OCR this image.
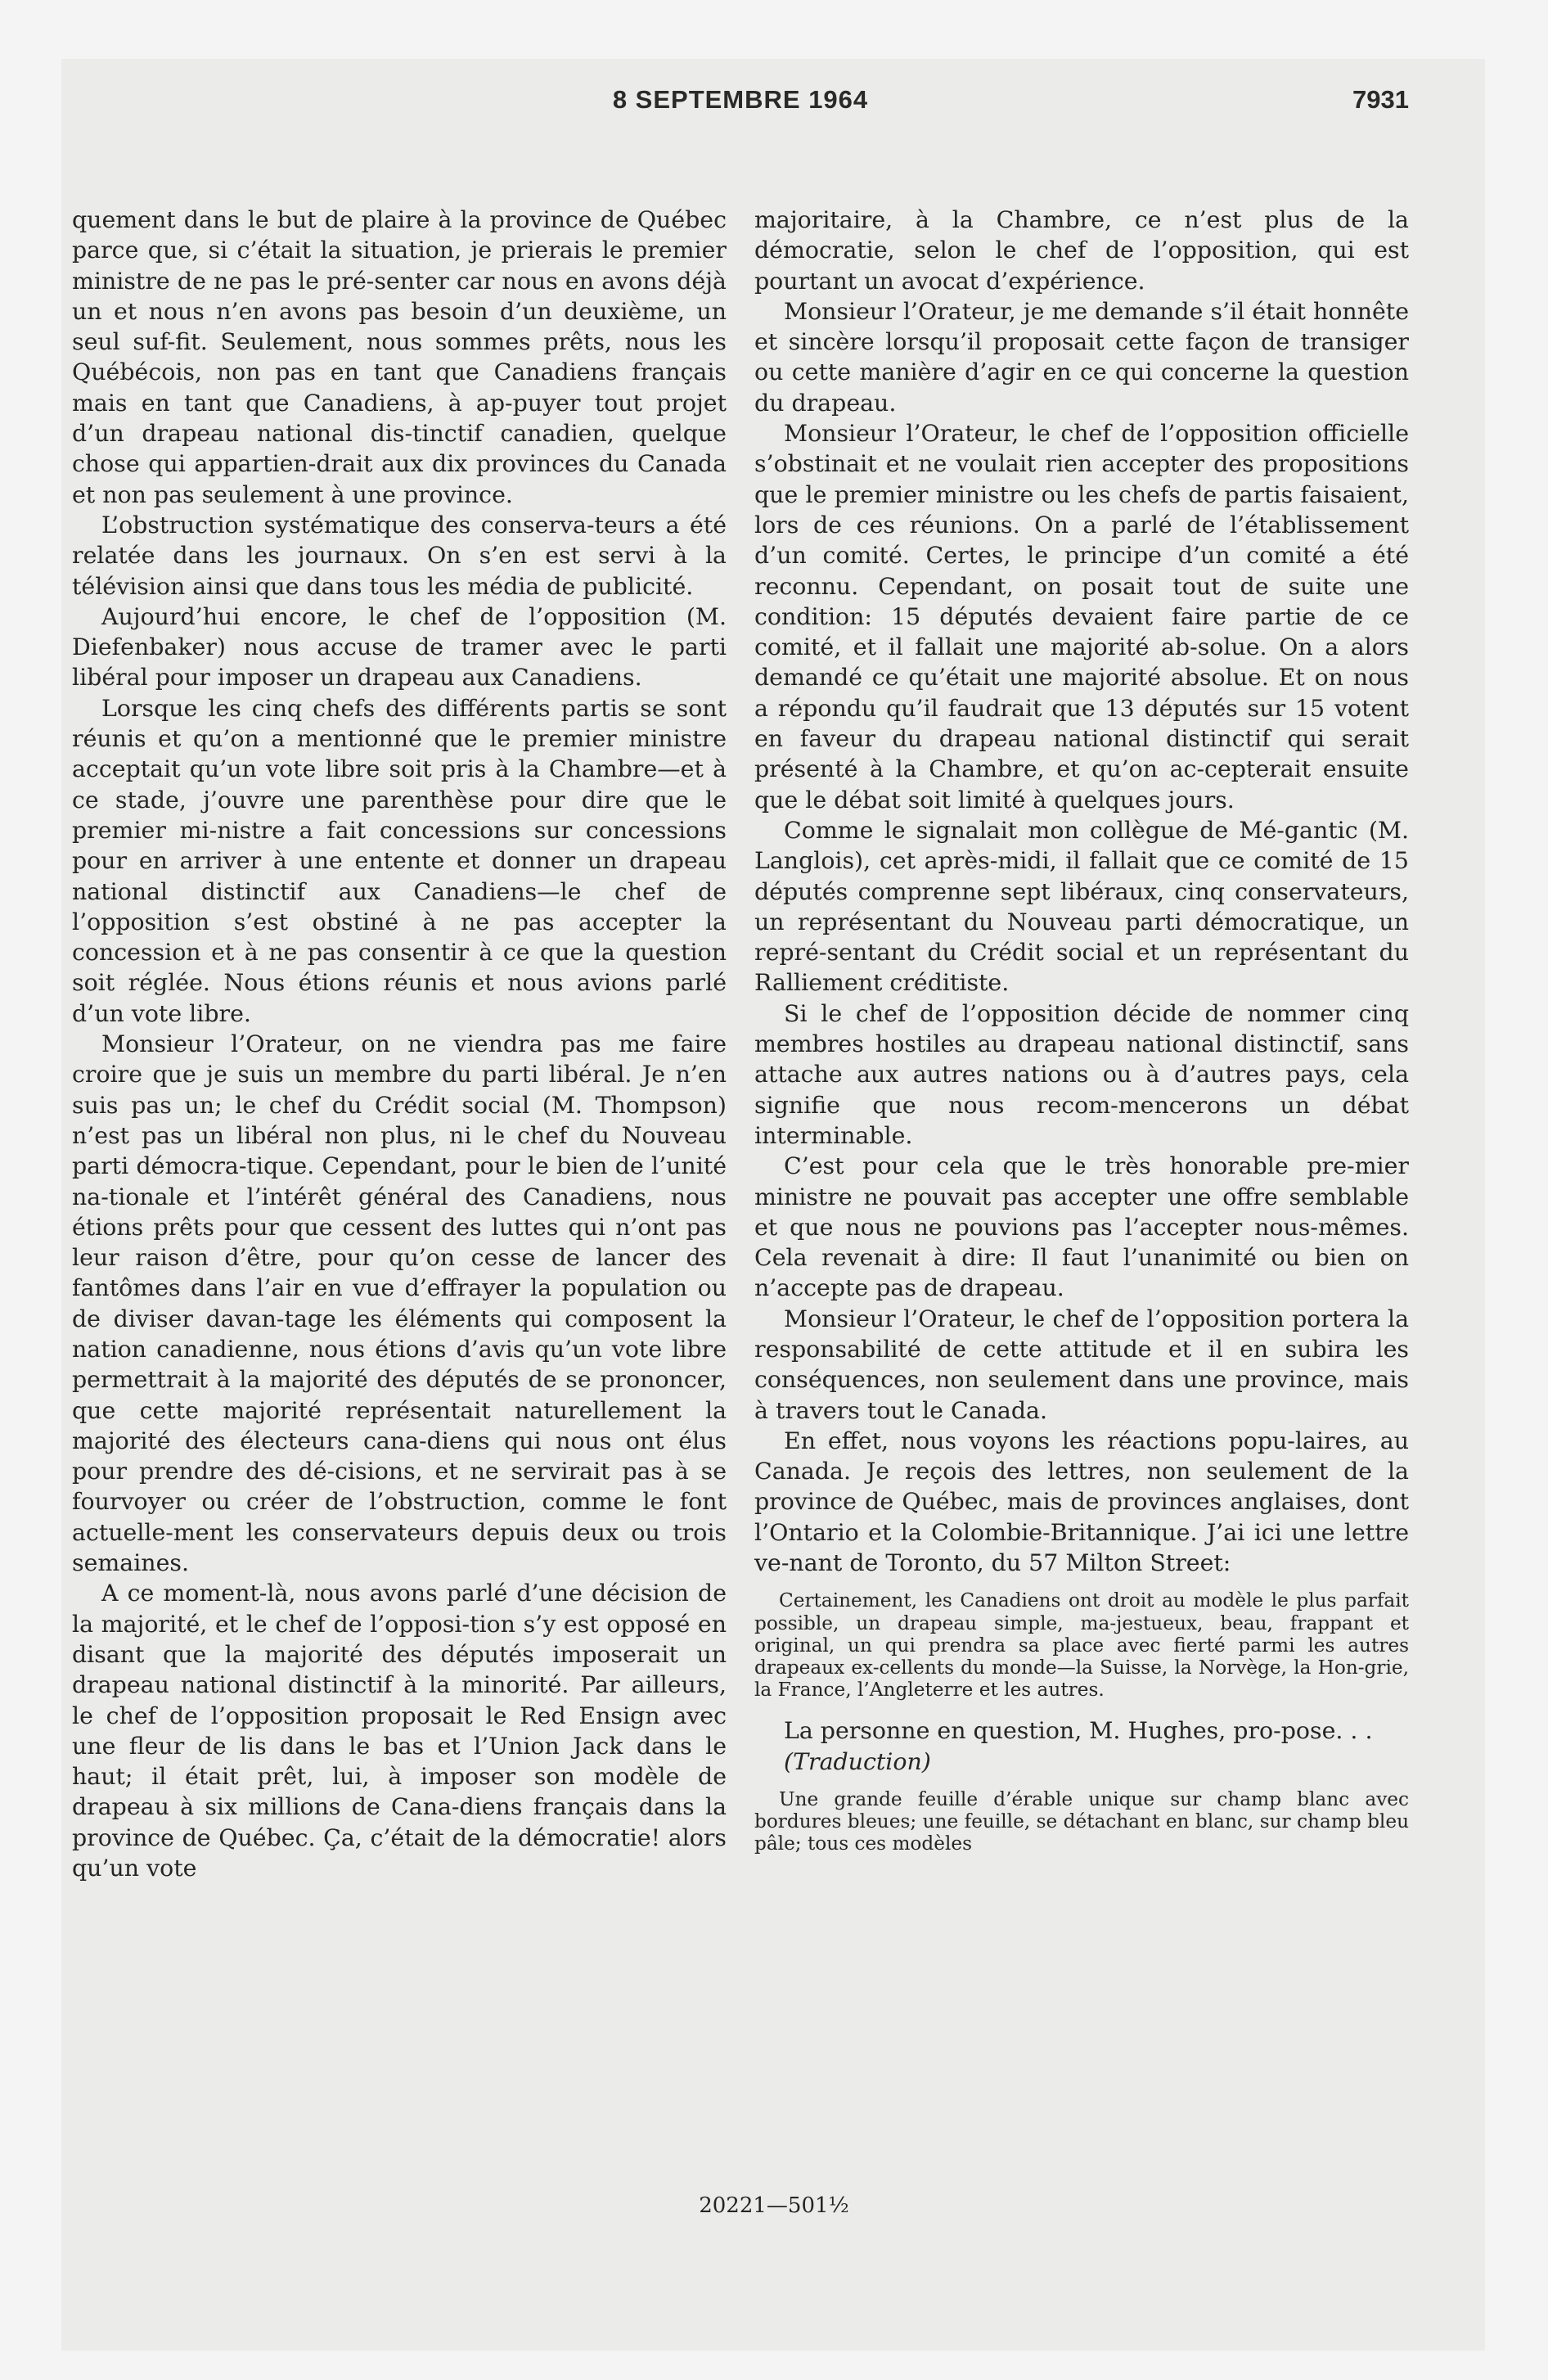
8 SEPTEMBRE 1964	7931

quement dans le but de plaire à la province de Québec parce que, si c’était la situation, je prierais le premier ministre de ne pas le pré-senter car nous en avons déjà un et nous n’en avons pas besoin d’un deuxième, un seul suf-fit. Seulement, nous sommes prêts, nous les Québécois, non pas en tant que Canadiens français mais en tant que Canadiens, à ap-puyer tout projet d’un drapeau national dis-tinctif canadien, quelque chose qui appartien-drait aux dix provinces du Canada et non pas seulement à une province.

L’obstruction systématique des conserva-teurs a été relatée dans les journaux. On s’en est servi à la télévision ainsi que dans tous les média de publicité.

Aujourd’hui encore, le chef de l’opposition (M. Diefenbaker) nous accuse de tramer avec le parti libéral pour imposer un drapeau aux Canadiens.

Lorsque les cinq chefs des différents partis se sont réunis et qu’on a mentionné que le premier ministre acceptait qu’un vote libre soit pris à la Chambre—et à ce stade, j’ouvre une parenthèse pour dire que le premier mi-nistre a fait concessions sur concessions pour en arriver à une entente et donner un drapeau national distinctif aux Canadiens—le chef de l’opposition s’est obstiné à ne pas accepter la concession et à ne pas consentir à ce que la question soit réglée. Nous étions réunis et nous avions parlé d’un vote libre.

Monsieur l’Orateur, on ne viendra pas me faire croire que je suis un membre du parti libéral. Je n’en suis pas un; le chef du Crédit social (M. Thompson) n’est pas un libéral non plus, ni le chef du Nouveau parti démocra-tique. Cependant, pour le bien de l’unité na-tionale et l’intérêt général des Canadiens, nous étions prêts pour que cessent des luttes qui n’ont pas leur raison d’être, pour qu’on cesse de lancer des fantômes dans l’air en vue d’effrayer la population ou de diviser davan-tage les éléments qui composent la nation canadienne, nous étions d’avis qu’un vote libre permettrait à la majorité des députés de se prononcer, que cette majorité représentait naturellement la majorité des électeurs cana-diens qui nous ont élus pour prendre des dé-cisions, et ne servirait pas à se fourvoyer ou créer de l’obstruction, comme le font actuelle-ment les conservateurs depuis deux ou trois semaines.

A ce moment-là, nous avons parlé d’une décision de la majorité, et le chef de l’opposi-tion s’y est opposé en disant que la majorité des députés imposerait un drapeau national distinctif à la minorité. Par ailleurs, le chef de l’opposition proposait le Red Ensign avec une fleur de lis dans le bas et l’Union Jack dans le haut; il était prêt, lui, à imposer son modèle de drapeau à six millions de Cana-diens français dans la province de Québec. Ça, c’était de la démocratie! alors qu’un vote

majoritaire, à la Chambre, ce n’est plus de la démocratie, selon le chef de l’opposition, qui est pourtant un avocat d’expérience.

Monsieur l’Orateur, je me demande s’il était honnête et sincère lorsqu’il proposait cette façon de transiger ou cette manière d’agir en ce qui concerne la question du drapeau.

Monsieur l’Orateur, le chef de l’opposition officielle s’obstinait et ne voulait rien accepter des propositions que le premier ministre ou les chefs de partis faisaient, lors de ces réunions. On a parlé de l’établissement d’un comité. Certes, le principe d’un comité a été reconnu. Cependant, on posait tout de suite une condition: 15 députés devaient faire partie de ce comité, et il fallait une majorité ab-solue. On a alors demandé ce qu’était une majorité absolue. Et on nous a répondu qu’il faudrait que 13 députés sur 15 votent en faveur du drapeau national distinctif qui serait présenté à la Chambre, et qu’on ac-cepterait ensuite que le débat soit limité à quelques jours.

Comme le signalait mon collègue de Mé-gantic (M. Langlois), cet après-midi, il fallait que ce comité de 15 députés comprenne sept libéraux, cinq conservateurs, un représentant du Nouveau parti démocratique, un repré-sentant du Crédit social et un représentant du Ralliement créditiste.

Si le chef de l’opposition décide de nommer cinq membres hostiles au drapeau national distinctif, sans attache aux autres nations ou à d’autres pays, cela signifie que nous recom-mencerons un débat interminable.

C’est pour cela que le très honorable pre-mier ministre ne pouvait pas accepter une offre semblable et que nous ne pouvions pas l’accepter nous-mêmes. Cela revenait à dire: Il faut l’unanimité ou bien on n’accepte pas de drapeau.

Monsieur l’Orateur, le chef de l’opposition portera la responsabilité de cette attitude et il en subira les conséquences, non seulement dans une province, mais à travers tout le Canada.

En effet, nous voyons les réactions popu-laires, au Canada. Je reçois des lettres, non seulement de la province de Québec, mais de provinces anglaises, dont l’Ontario et la Colombie-Britannique. J’ai ici une lettre ve-nant de Toronto, du 57 Milton Street:

Certainement, les Canadiens ont droit au modèle le plus parfait possible, un drapeau simple, ma-jestueux, beau, frappant et original, un qui prendra sa place avec fierté parmi les autres drapeaux ex-cellents du monde—la Suisse, la Norvège, la Hon-grie, la France, l’Angleterre et les autres.

La personne en question, M. Hughes, pro-pose. . .

(Traduction)

Une grande feuille d’érable unique sur champ blanc avec bordures bleues; une feuille, se détachant en blanc, sur champ bleu pâle; tous ces modèles

20221—501½
